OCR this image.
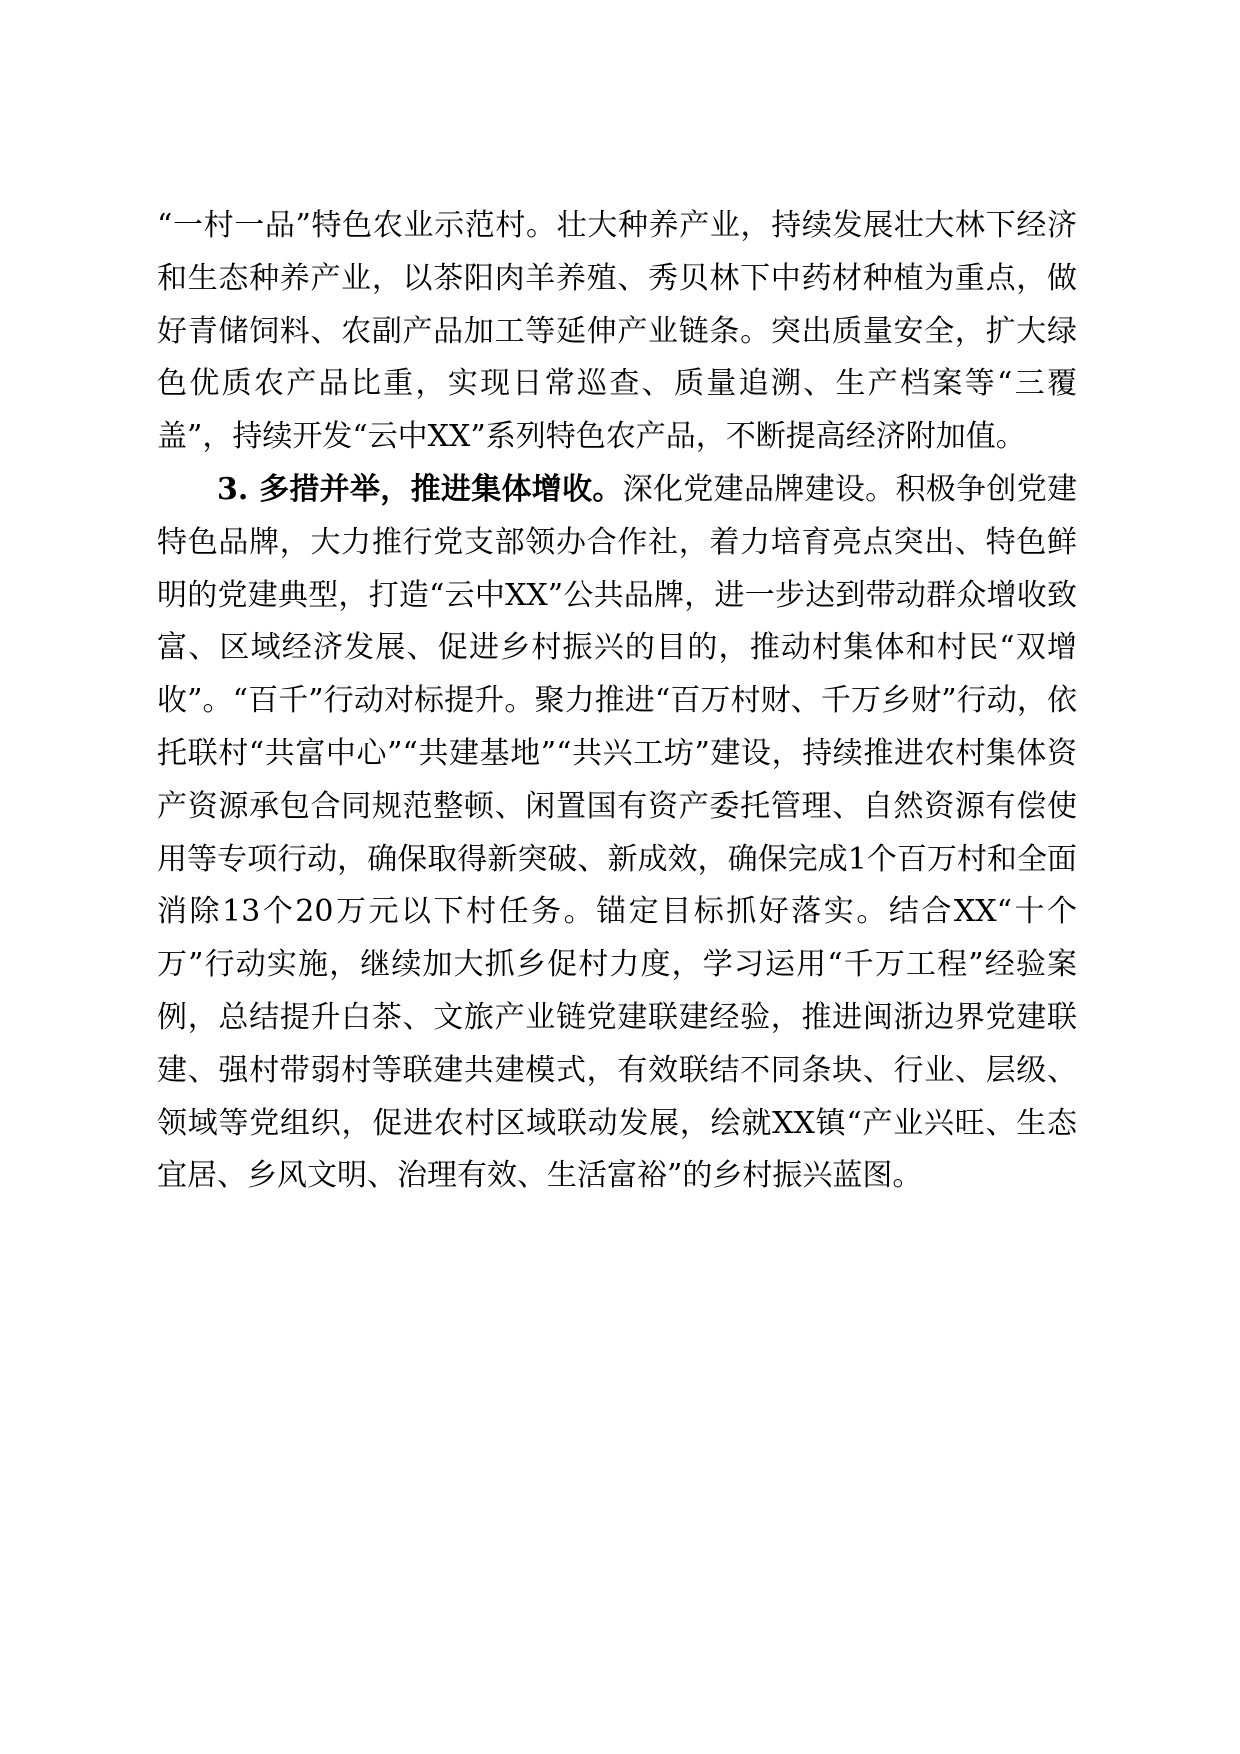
“一村一品”特色农业示范村。壮大种养产业，持续发展壮大林下经济和生态种养产业，以茶阳肉羊养殖、秀贝林下中药材种植为重点，做好青储饲料、农副产品加工等延伸产业链条。突出质量安全，扩大绿色优质农产品比重，实现日常巡查、质量追溯、生产档案等“三覆盖”，持续开发“云中XX”系列特色农产品，不断提高经济附加值。

3. 多措并举，推进集体增收。深化党建品牌建设。积极争创党建特色品牌，大力推行党支部领办合作社，着力培育亮点突出、特色鲜明的党建典型，打造“云中XX”公共品牌，进一步达到带动群众增收致富、区域经济发展、促进乡村振兴的目的，推动村集体和村民“双增收”。“百千”行动对标提升。聚力推进“百万村财、千万乡财”行动，依托联村“共富中心”“共建基地”“共兴工坊”建设，持续推进农村集体资产资源承包合同规范整顿、闲置国有资产委托管理、自然资源有偿使用等专项行动，确保取得新突破、新成效，确保完成1个百万村和全面消除13个20万元以下村任务。锚定目标抓好落实。结合XX“十个万”行动实施，继续加大抓乡促村力度，学习运用“千万工程”经验案例，总结提升白茶、文旅产业链党建联建经验，推进闽浙边界党建联建、强村带弱村等联建共建模式，有效联结不同条块、行业、层级、领域等党组织，促进农村区域联动发展，绘就XX镇“产业兴旺、生态宜居、乡风文明、治理有效、生活富裕”的乡村振兴蓝图。
